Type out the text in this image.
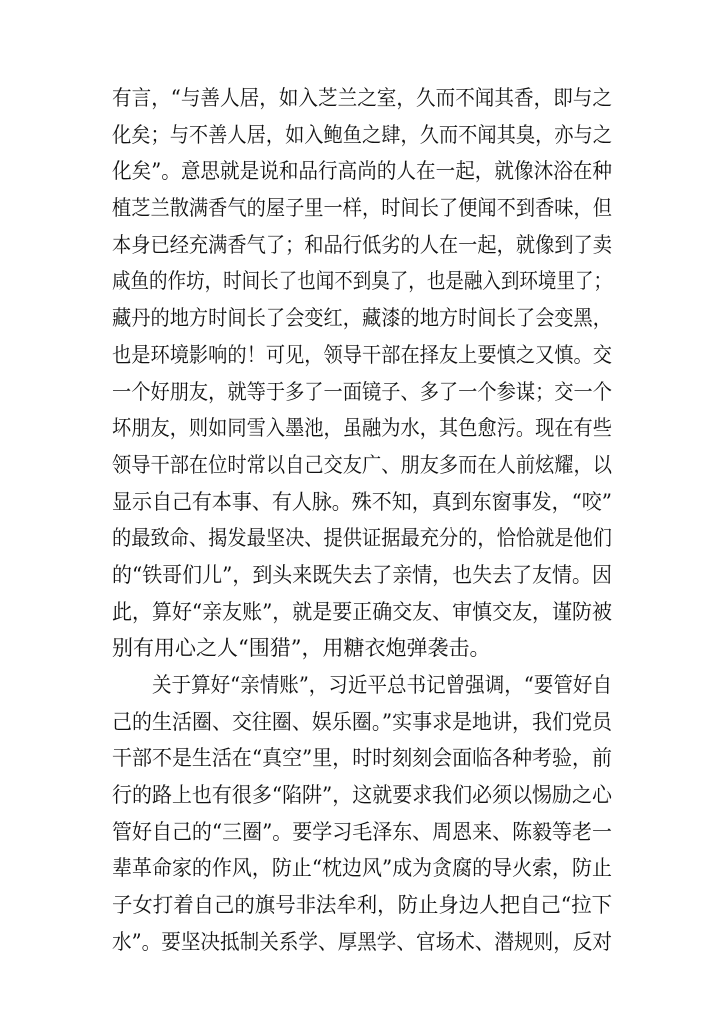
有言，“与善人居，如入芝兰之室，久而不闻其香，即与之
化矣；与不善人居，如入鲍鱼之肆，久而不闻其臭，亦与之
化矣”。意思就是说和品行高尚的人在一起，就像沐浴在种
植芝兰散满香气的屋子里一样，时间长了便闻不到香味，但
本身已经充满香气了；和品行低劣的人在一起，就像到了卖
咸鱼的作坊，时间长了也闻不到臭了，也是融入到环境里了；
藏丹的地方时间长了会变红，藏漆的地方时间长了会变黑，
也是环境影响的！可见，领导干部在择友上要慎之又慎。交
一个好朋友，就等于多了一面镜子、多了一个参谋；交一个
坏朋友，则如同雪入墨池，虽融为水，其色愈污。现在有些
领导干部在位时常以自己交友广、朋友多而在人前炫耀，以
显示自己有本事、有人脉。殊不知，真到东窗事发，“咬”
的最致命、揭发最坚决、提供证据最充分的，恰恰就是他们
的“铁哥们儿”，到头来既失去了亲情，也失去了友情。因
此，算好“亲友账”，就是要正确交友、审慎交友，谨防被
别有用心之人“围猎”，用糖衣炮弹袭击。
关于算好“亲情账”，习近平总书记曾强调，“要管好自
己的生活圈、交往圈、娱乐圈。”实事求是地讲，我们党员
干部不是生活在“真空”里，时时刻刻会面临各种考验，前
行的路上也有很多“陷阱”，这就要求我们必须以惕励之心
管好自己的“三圈”。要学习毛泽东、周恩来、陈毅等老一
辈革命家的作风，防止“枕边风”成为贪腐的导火索，防止
子女打着自己的旗号非法牟利，防止身边人把自己“拉下
水”。要坚决抵制关系学、厚黑学、官场术、潜规则，反对
